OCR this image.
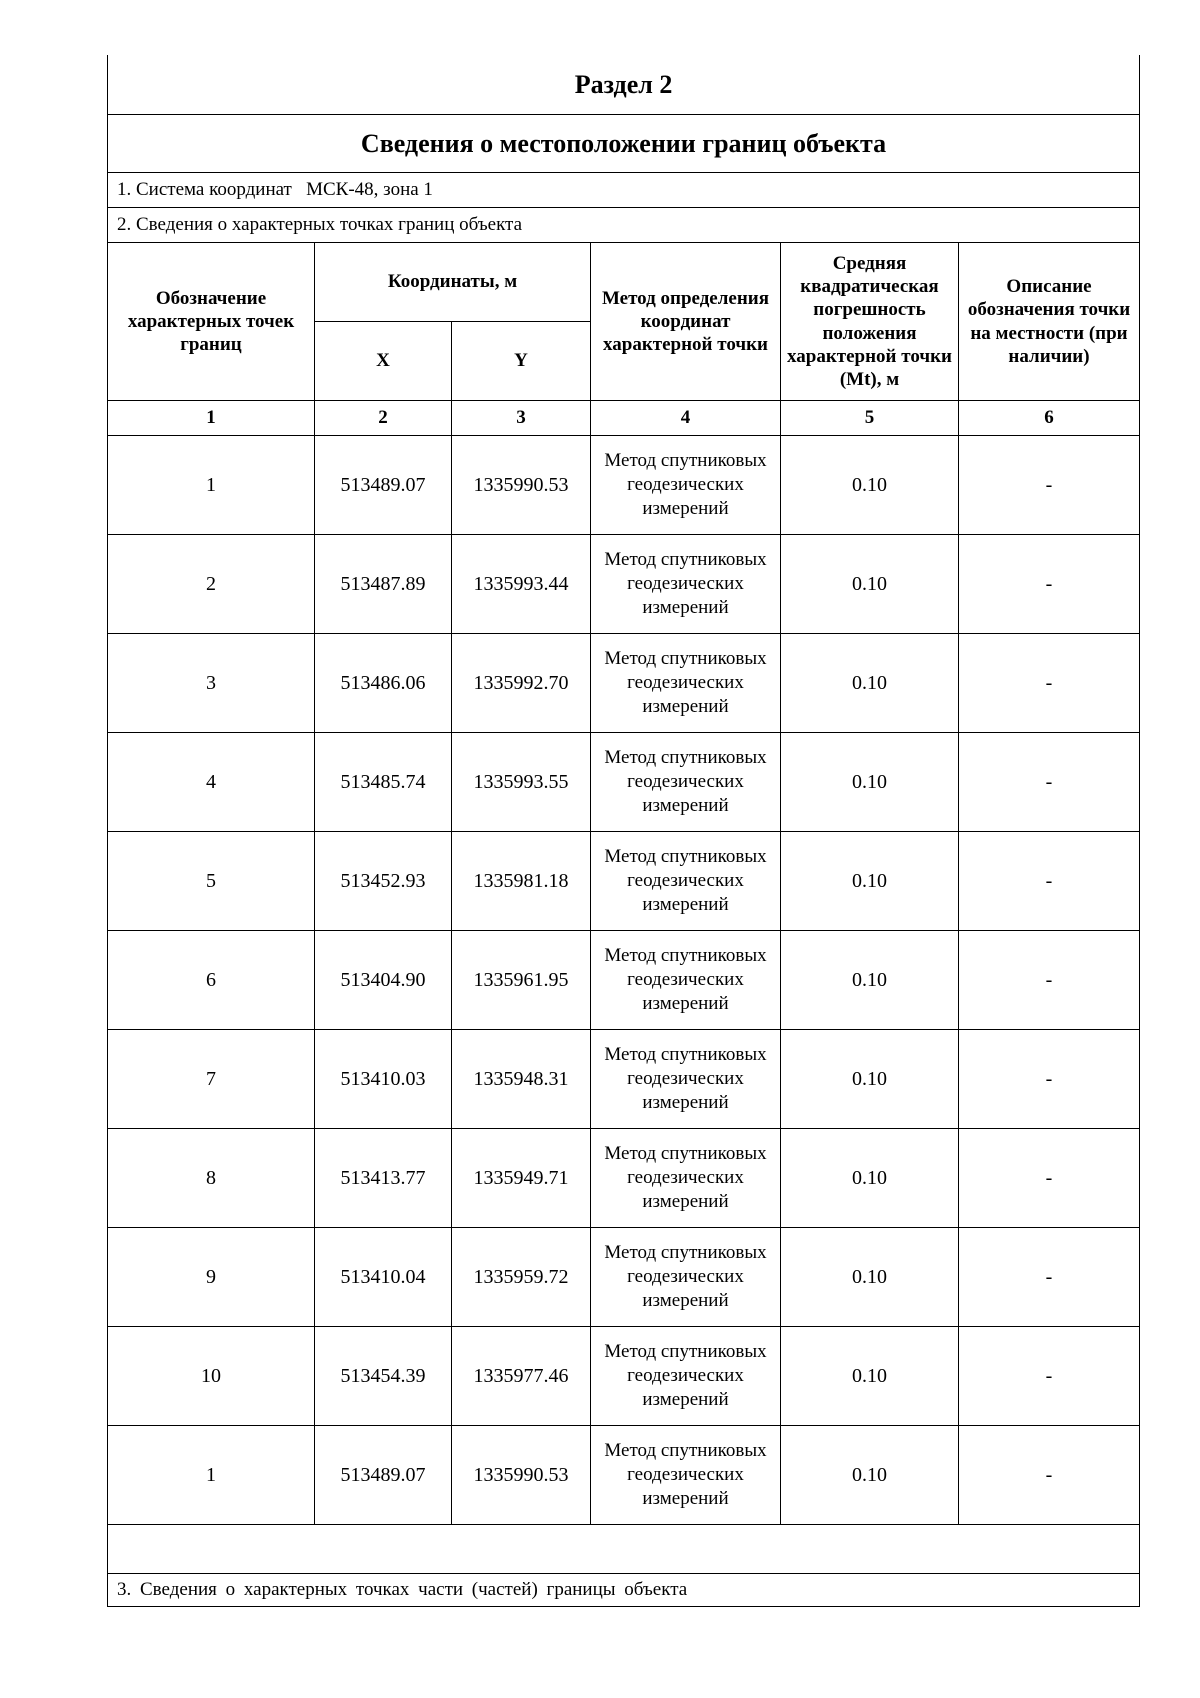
Раздел 2					
Сведения о местоположении границ объекта					
1. Система координат МСК-48, зона 1					
2. Сведения о характерных точках границ объекта					
Обозначение характерных точек границ	Координаты, м		Метод определения координат характерной точки	Средняя квадратическая погрешность положения характерной точки (Mt), м	Описание обозначения точки на местности (при наличии)
	X	Y			
1	2	3	4	5	6
1	513489.07	1335990.53	Метод спутниковых геодезических измерений	0.10	-
2	513487.89	1335993.44	Метод спутниковых геодезических измерений	0.10	-
3	513486.06	1335992.70	Метод спутниковых геодезических измерений	0.10	-
4	513485.74	1335993.55	Метод спутниковых геодезических измерений	0.10	-
5	513452.93	1335981.18	Метод спутниковых геодезических измерений	0.10	-
6	513404.90	1335961.95	Метод спутниковых геодезических измерений	0.10	-
7	513410.03	1335948.31	Метод спутниковых геодезических измерений	0.10	-
8	513413.77	1335949.71	Метод спутниковых геодезических измерений	0.10	-
9	513410.04	1335959.72	Метод спутниковых геодезических измерений	0.10	-
10	513454.39	1335977.46	Метод спутниковых геодезических измерений	0.10	-
1	513489.07	1335990.53	Метод спутниковых геодезических измерений	0.10	-

3. Сведения о характерных точках части (частей) границы объекта					
